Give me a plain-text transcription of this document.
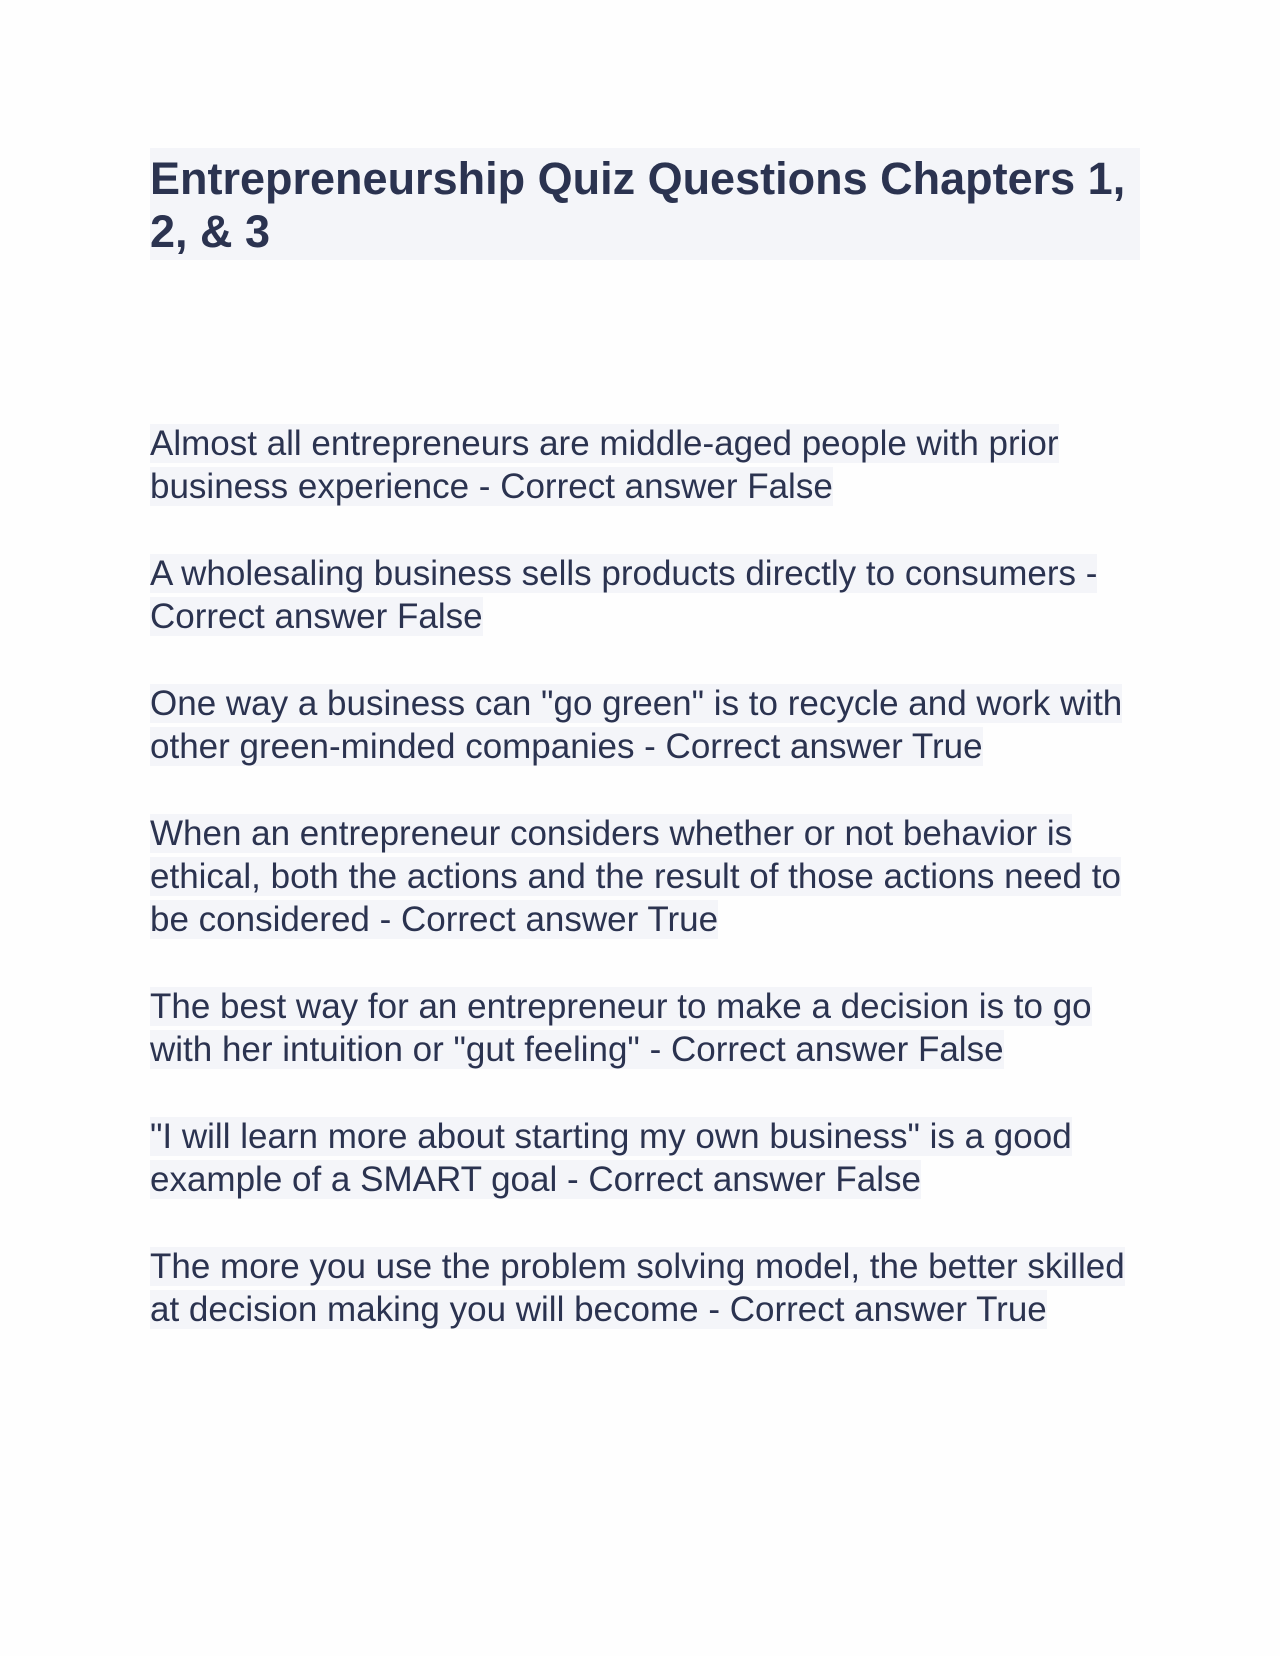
Entrepreneurship Quiz Questions Chapters 1, 2, & 3

Almost all entrepreneurs are middle-aged people with prior business experience - Correct answer False

A wholesaling business sells products directly to consumers - Correct answer False

One way a business can "go green" is to recycle and work with other green-minded companies - Correct answer True

When an entrepreneur considers whether or not behavior is ethical, both the actions and the result of those actions need to be considered - Correct answer True

The best way for an entrepreneur to make a decision is to go with her intuition or "gut feeling" - Correct answer False

"I will learn more about starting my own business" is a good example of a SMART goal - Correct answer False

The more you use the problem solving model, the better skilled at decision making you will become - Correct answer True
